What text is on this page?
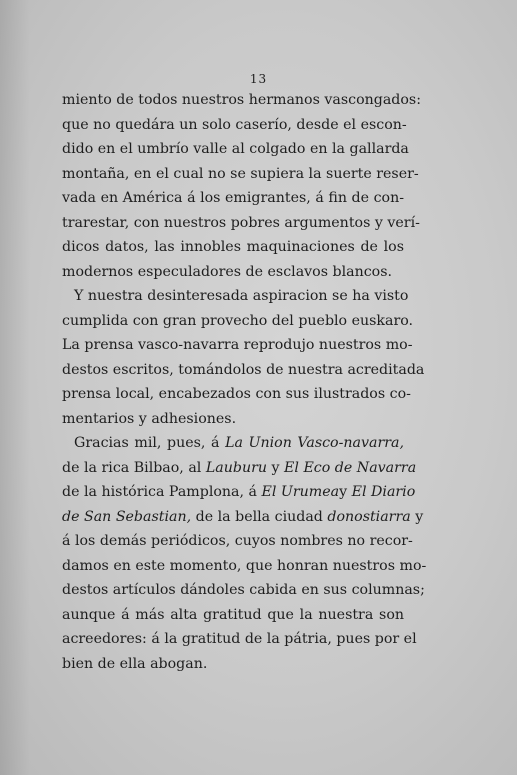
13

miento de todos nuestros hermanos vascongados:
que no quedára un solo caserío, desde el escon-
dido en el umbrío valle al colgado en la gallarda
montaña, en el cual no se supiera la suerte reser-
vada en América á los emigrantes, á fin de con-
trarestar, con nuestros pobres argumentos y verí-
dicos datos, las innobles maquinaciones de los
modernos especuladores de esclavos blancos.

Y nuestra desinteresada aspiracion se ha visto
cumplida con gran provecho del pueblo euskaro.
La prensa vasco-navarra reprodujo nuestros mo-
destos escritos, tomándolos de nuestra acreditada
prensa local, encabezados con sus ilustrados co-
mentarios y adhesiones.

Gracias mil, pues, á La Union Vasco-navarra,
de la rica Bilbao, al Lauburu y El Eco de Navarra
de la histórica Pamplona, á El Urumeay El Diario
de San Sebastian, de la bella ciudad donostiarra y
á los demás periódicos, cuyos nombres no recor-
damos en este momento, que honran nuestros mo-
destos artículos dándoles cabida en sus columnas;
aunque á más alta gratitud que la nuestra son
acreedores: á la gratitud de la pátria, pues por el
bien de ella abogan.
